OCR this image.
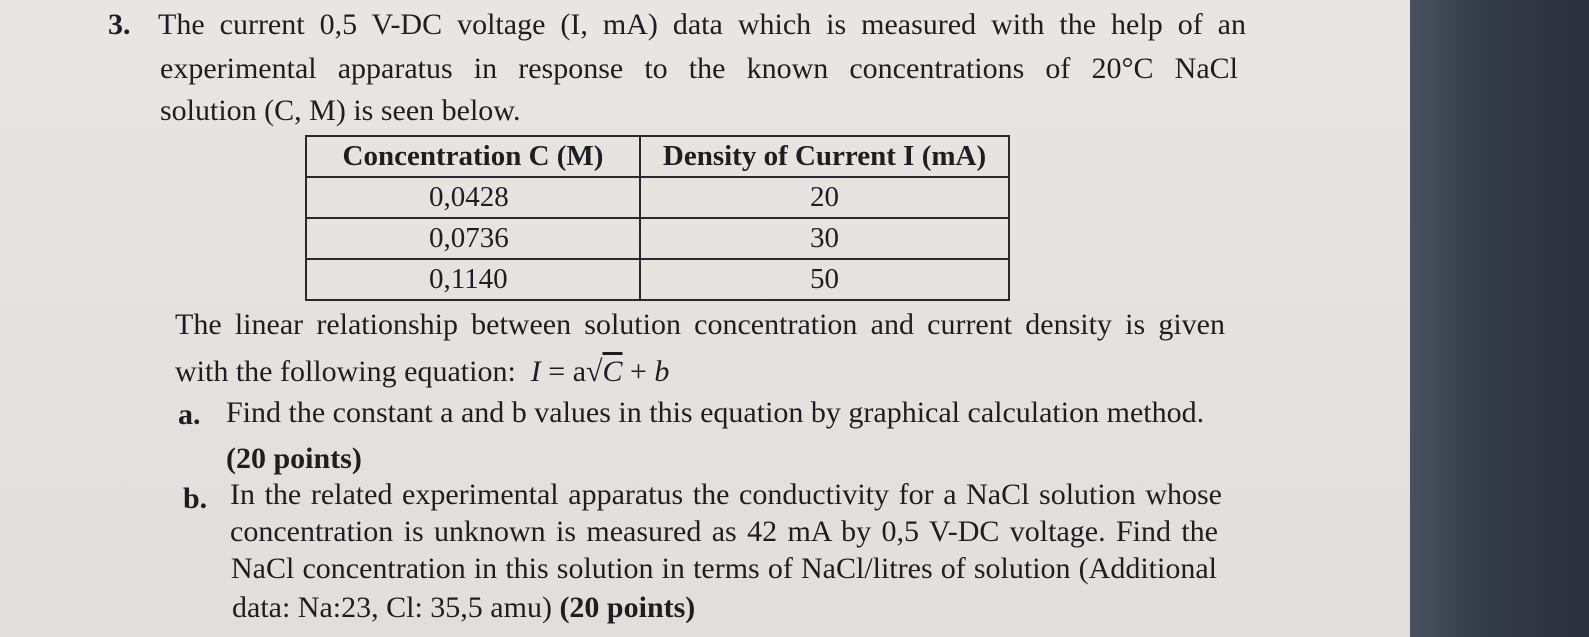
3. The current 0,5 V-DC voltage (I, mA) data which is measured with the help of an
experimental apparatus in response to the known concentrations of 20°C NaCl
solution (C, M) is seen below.
Concentration C (M)	Density of Current I (mA)
0,0428	20
0,0736	30
0,1140	50
The linear relationship between solution concentration and current density is given
with the following equation: I = a√C + b
a. Find the constant a and b values in this equation by graphical calculation method.
(20 points)
b. In the related experimental apparatus the conductivity for a NaCl solution whose
concentration is unknown is measured as 42 mA by 0,5 V-DC voltage. Find the
NaCl concentration in this solution in terms of NaCl/litres of solution (Additional
data: Na:23, Cl: 35,5 amu) (20 points)
